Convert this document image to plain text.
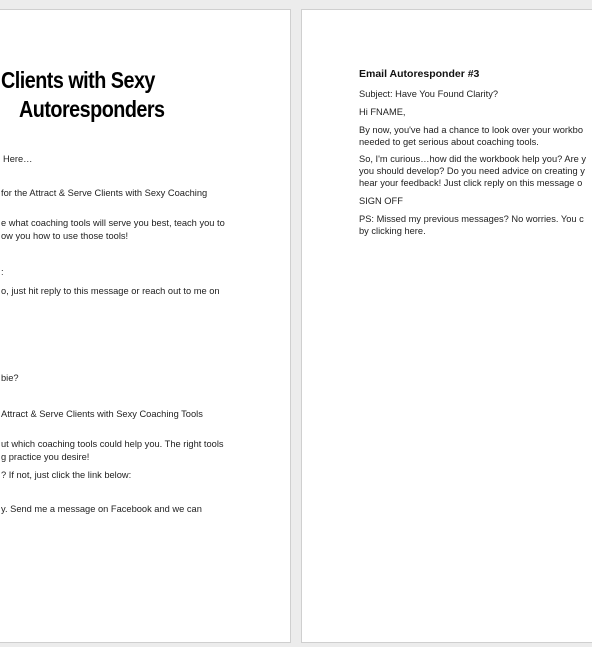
Clients with Sexy

Autoresponders

Here…

for the Attract & Serve Clients with Sexy Coaching

e what coaching tools will serve you best, teach you to

ow you how to use those tools!

:

o, just hit reply to this message or reach out to me on

bie?

Attract & Serve Clients with Sexy Coaching Tools

ut which coaching tools could help you. The right tools

g practice you desire!

? If not, just click the link below:

y. Send me a message on Facebook and we can

Email Autoresponder #3

Subject: Have You Found Clarity?

Hi FNAME,

By now, you've had a chance to look over your workbo

needed to get serious about coaching tools.

So, I'm curious…how did the workbook help you? Are y

you should develop? Do you need advice on creating y

hear your feedback! Just click reply on this message o

SIGN OFF

PS: Missed my previous messages? No worries. You c

by clicking here.
